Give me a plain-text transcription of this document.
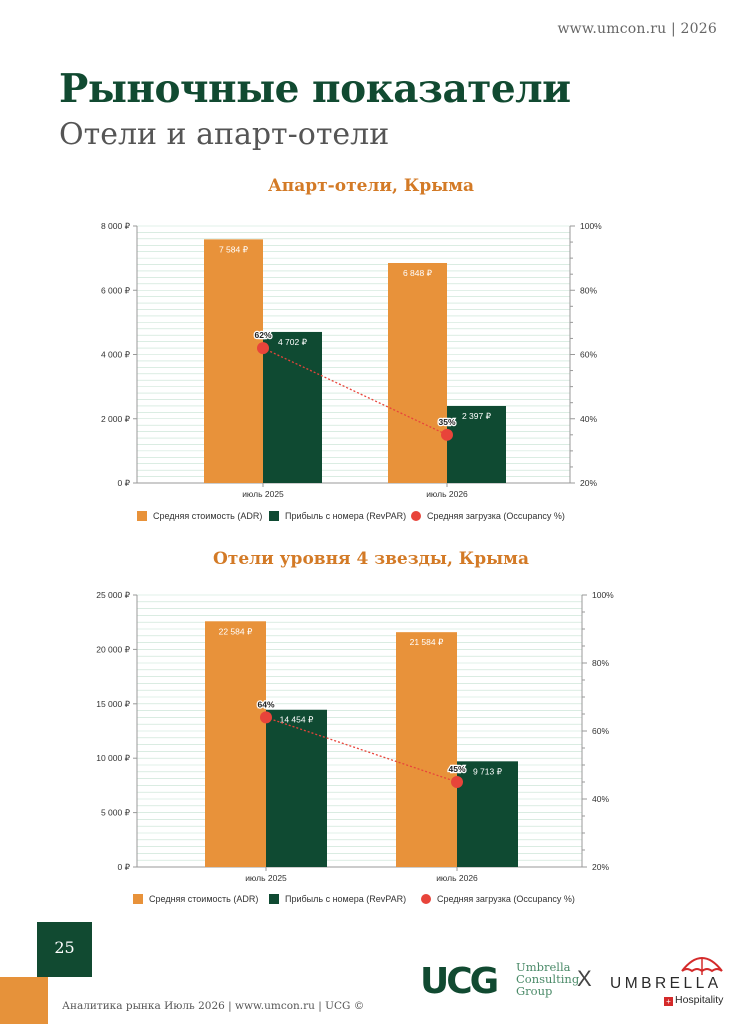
www.umcon.ru | 2026
Рыночные показатели
Отели и апарт-отели
Апарт-отели, Крыма
0 ₽
2 000 ₽
4 000 ₽
6 000 ₽
8 000 ₽
20%
40%
60%
80%
100%
7 584 ₽
6 848 ₽
4 702 ₽
2 397 ₽
июль 2025	июль 2026
62%
35%
Средняя стоимость (ADR)	Прибыль с номера (RevPAR) Средняя загрузка (Occupancy %)
Отели уровня 4 звезды, Крыма
0 ₽
5 000 ₽
10 000 ₽
15 000 ₽
20 000 ₽
25 000 ₽
20%
40%
60%
80%
100%
22 584 ₽
21 584 ₽
14 454 ₽
9 713 ₽
июль 2025	июль 2026
64%
45%
Средняя стоимость (ADR)	Прибыль с номера (RevPAR)	Средняя загрузка (Occupancy %)
25
Аналитика рынка Июль 2026 | www.umcon.ru | UCG ©
UCG Umbrella
Consulting
Group	X UMBRELLA
+ Hospitality
